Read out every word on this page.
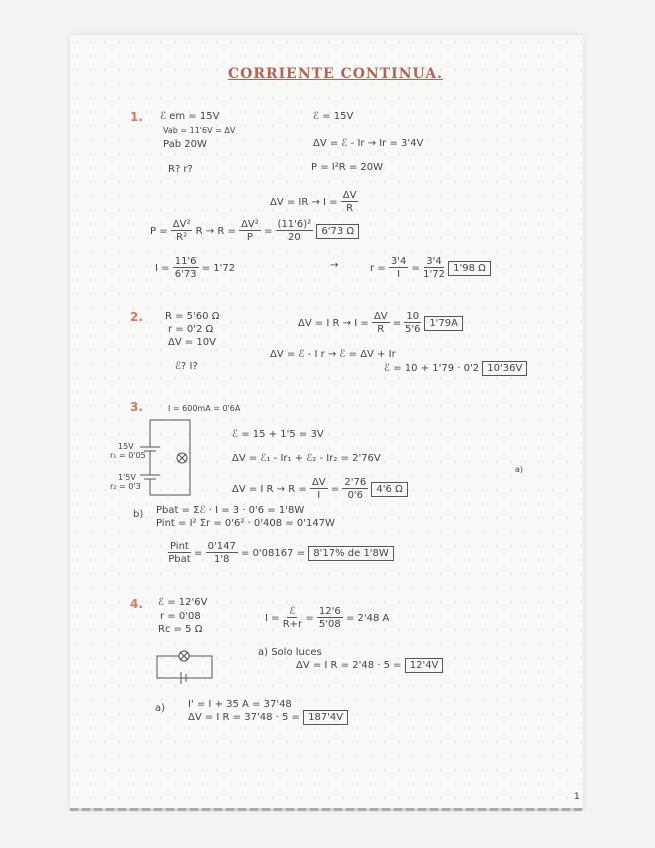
CORRIENTE CONTINUA.
1. ℰ em = 15V
Vab = 11'6V = ΔV
Pab 20W
R? r?
ℰ = 15V
ΔV = ℰ - Ir → Ir = 3'4V
P = I²R = 20W
ΔV = IR → $I = \frac{\Delta V}{R}$
$P = \frac{\text{ΔV²}}{\text{R²}}$ $R \to R = \frac{\text{ΔV²}}{P} = \frac{\text{(11'6)²}}{20} 6'73$ Ω
$I = \frac{11'6}{6'73} = 1'72$	→	$r = \frac{3'4}{I} = \frac{3'4}{1'72} 1'98$ Ω
2. R = 5'60 Ω
r = 0'2 Ω
ΔV = 10V
ℰ? I?
ΔV = I $R \to I = \frac{\Delta V}{R} = \frac{10}{5'6} 1'79A$
ΔV = ℰ - I r → ℰ = ΔV + Ir
ℰ = 10 + 1'79 · 0'2 10'36V
3.	I = 600mA = 0'6A
15V
r₁ = 0'05
1'5V
r₂ = 0'3
ℰ = 15 + 1'5 = 3V
ΔV = ℰ₁ - Ir₁ + ℰ₂ - Ir₂ = 2'76V
ΔV = I $R \to R = \frac{\Delta V}{I} = \frac{2'76}{0'6} 4'6$ Ω
a)
b) Pbat = Σℰ · I = 3 · 0'6 = 1'8W
Pint = I² Σr = 0'6² · 0'408 = 0'147W
$\frac{\text{Pint}}{\text{Pbat}} = \frac{0'147}{1'8} = 0'08167 = 8'17\%$ de 1'8W
4. ℰ = 12'6V
r = 0'08
Rc = 5 Ω
$I = \frac{\text{ℰ}}{R+r} = \frac{12'6}{5'08} = 2'48$ A
a) Solo luces
ΔV = I R = 2'48 · 5 = 12'4V
a) I' = I + 35 A = 37'48
ΔV = I R = 37'48 · 5 = 187'4V
1
